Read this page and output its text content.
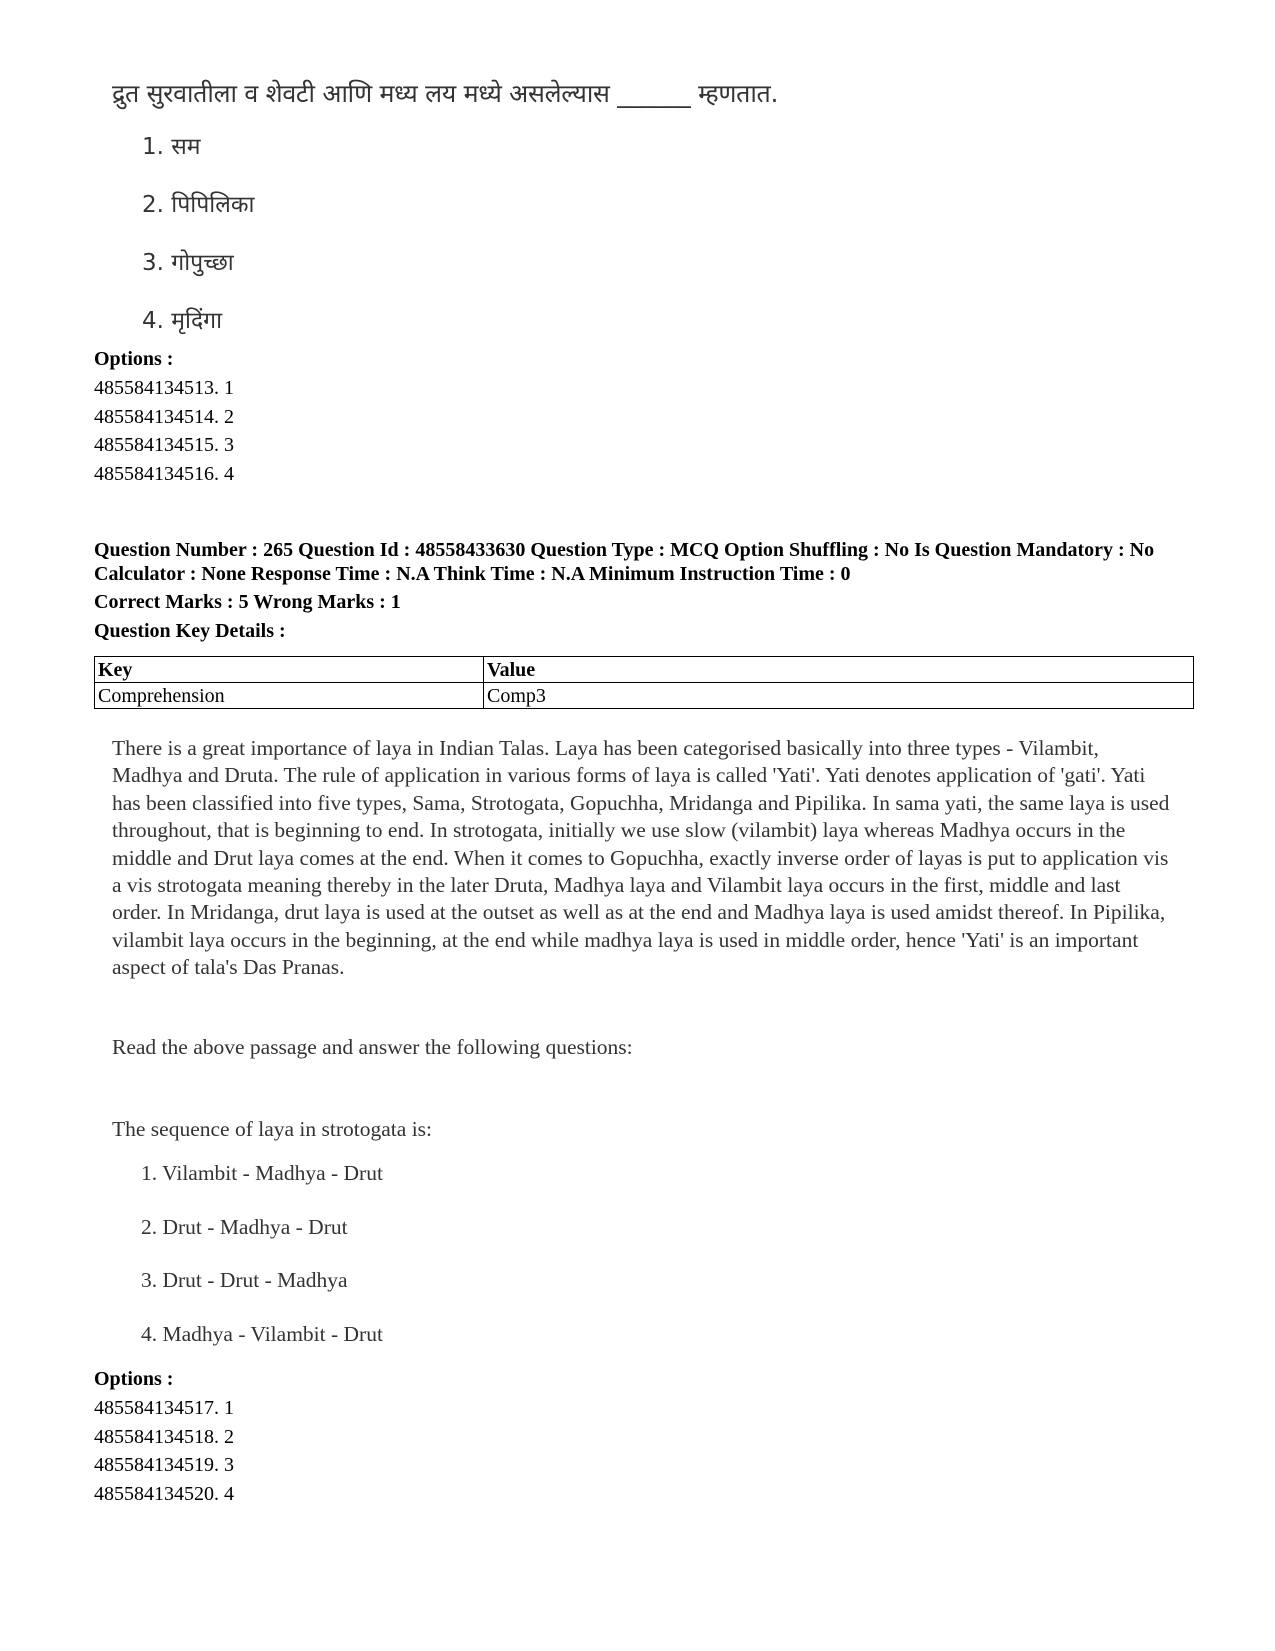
द्रुत सुरवातीला व शेवटी आणि मध्य लय मध्ये असलेल्यास ______ म्हणतात.
1. सम
2. पिपिलिका
3. गोपुच्छा
4. मृदिंगा
Options :
485584134513. 1
485584134514. 2
485584134515. 3
485584134516. 4
Question Number : 265 Question Id : 48558433630 Question Type : MCQ Option Shuffling : No Is Question Mandatory : No Calculator : None Response Time : N.A Think Time : N.A Minimum Instruction Time : 0
Correct Marks : 5 Wrong Marks : 1
Question Key Details :
Key	Value
Comprehension	Comp3
There is a great importance of laya in Indian Talas. Laya has been categorised basically into three types - Vilambit, Madhya and Druta. The rule of application in various forms of laya is called 'Yati'. Yati denotes application of 'gati'. Yati has been classified into five types, Sama, Strotogata, Gopuchha, Mridanga and Pipilika. In sama yati, the same laya is used throughout, that is beginning to end. In strotogata, initially we use slow (vilambit) laya whereas Madhya occurs in the middle and Drut laya comes at the end. When it comes to Gopuchha, exactly inverse order of layas is put to application vis a vis strotogata meaning thereby in the later Druta, Madhya laya and Vilambit laya occurs in the first, middle and last order. In Mridanga, drut laya is used at the outset as well as at the end and Madhya laya is used amidst thereof. In Pipilika, vilambit laya occurs in the beginning, at the end while madhya laya is used in middle order, hence 'Yati' is an important aspect of tala's Das Pranas.
Read the above passage and answer the following questions:
The sequence of laya in strotogata is:
1. Vilambit - Madhya - Drut
2. Drut - Madhya - Drut
3. Drut - Drut - Madhya
4. Madhya - Vilambit - Drut
Options :
485584134517. 1
485584134518. 2
485584134519. 3
485584134520. 4
